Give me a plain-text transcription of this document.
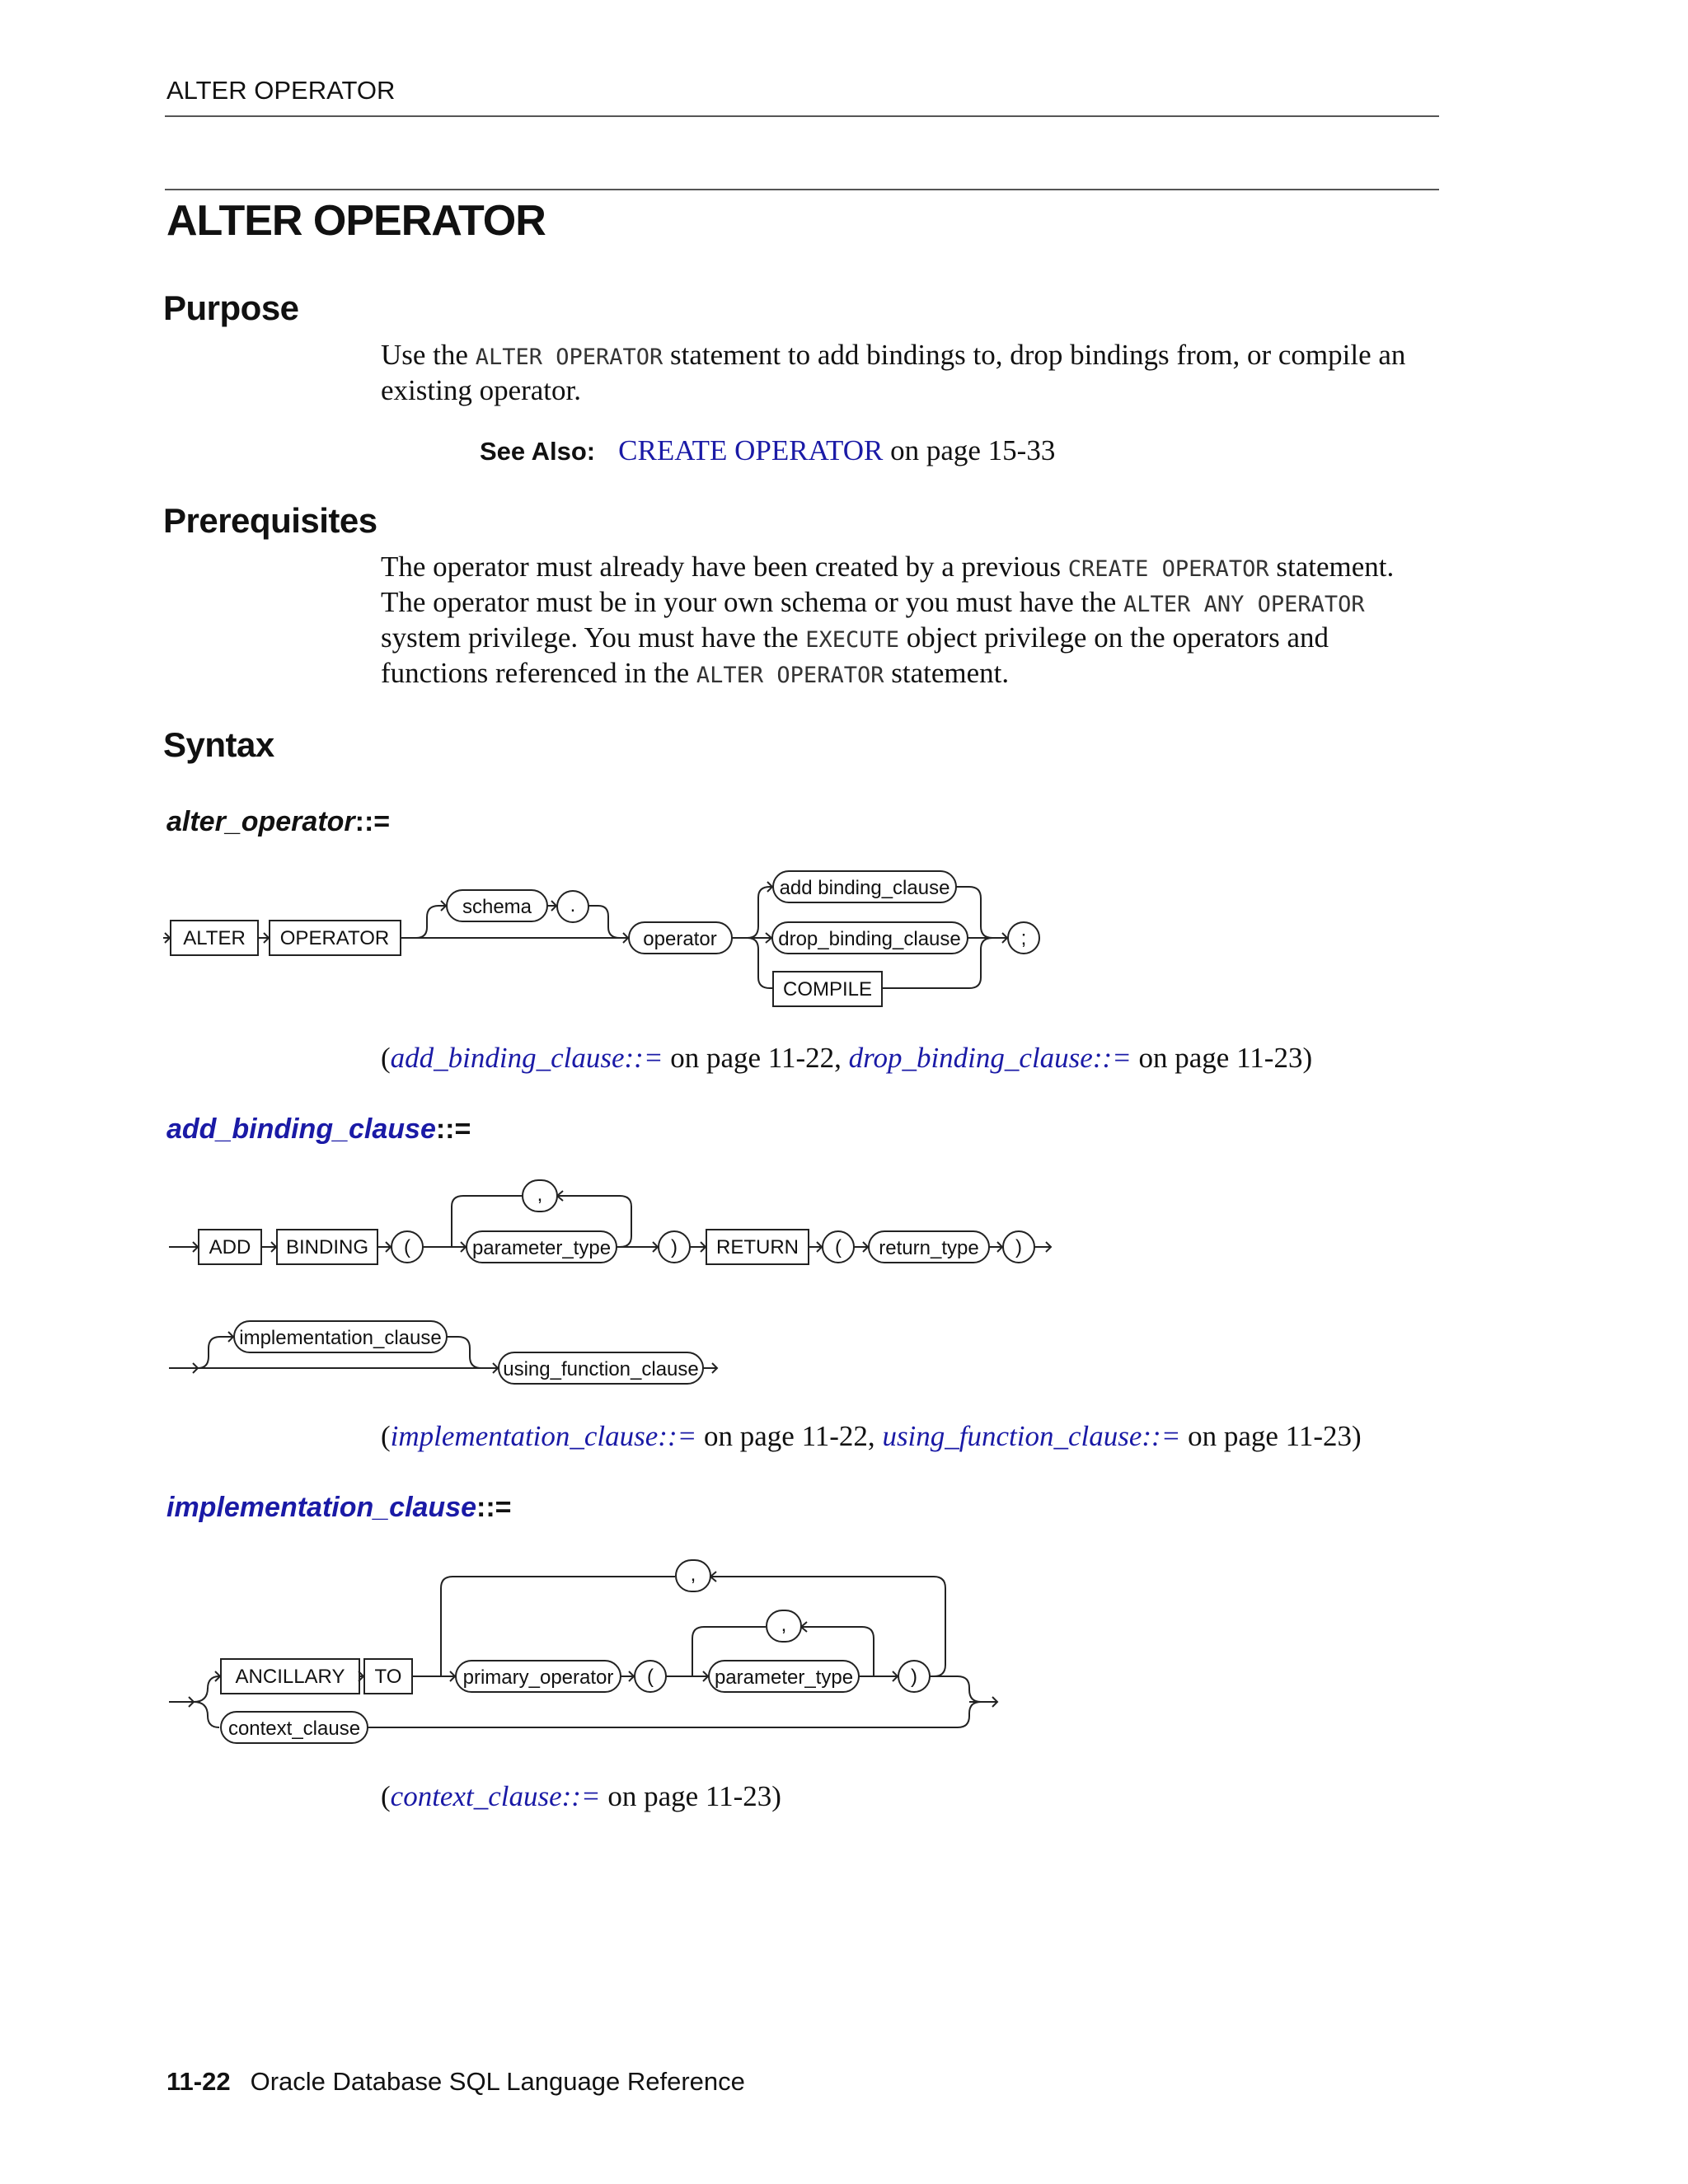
ALTER OPERATOR
ALTER OPERATOR
Purpose

Use the ALTER OPERATOR statement to add bindings to, drop bindings from, or compile an existing operator.

See Also: CREATE OPERATOR on page 15-33
Prerequisites

The operator must already have been created by a previous CREATE OPERATOR statement. The operator must be in your own schema or you must have the ALTER ANY OPERATOR system privilege. You must have the EXECUTE object privilege on the operators and functions referenced in the ALTER OPERATOR statement.

Syntax
alter_operator::=
ALTER OPERATOR
schema .
operator
add binding_clause
drop_binding_clause
COMPILE
;
(add_binding_clause::= on page 11-22, drop_binding_clause::= on page 11-23)
add_binding_clause::=
ADD BINDING (
,
parameter_type	) RETURN ( return_type )
implementation_clause
using_function_clause
(implementation_clause::= on page 11-22, using_function_clause::= on page 11-23)
implementation_clause::=
ANCILLARY TO
,
primary_operator (
,
parameter_type	)
context_clause
(context_clause::= on page 11-23)
11-22 Oracle Database SQL Language Reference
